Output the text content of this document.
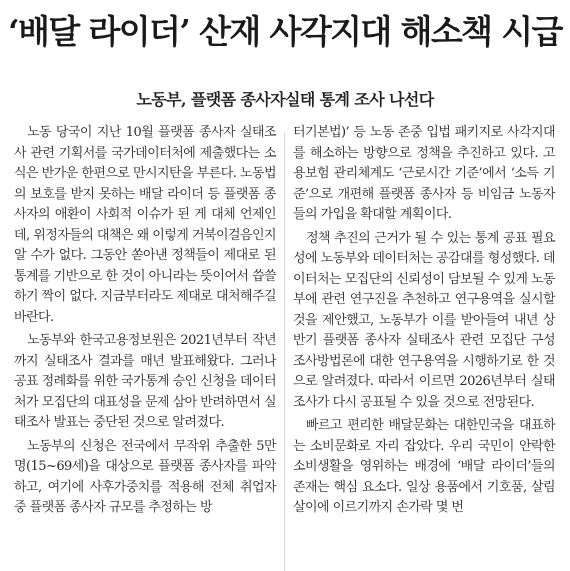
‘배달 라이더’ 산재 사각지대 해소책 시급
노동부, 플랫폼 종사자실태 통계 조사 나선다

노동 당국이 지난 10월 플랫폼 종사자 실태조사 관련 기획서를 국가데이터처에 제출했다는 소식은 반가운 한편으로 만시지탄을 부른다. 노동법의 보호를 받지 못하는 배달 라이더 등 플랫폼 종사자의 애환이 사회적 이슈가 된 게 대체 언제인데, 위정자들의 대책은 왜 이렇게 거북이걸음인지 알 수가 없다. 그동안 쏟아낸 정책들이 제대로 된 통계를 기반으로 한 것이 아니라는 뜻이어서 씁쓸하기 짝이 없다. 지금부터라도 제대로 대처해주길 바란다.

노동부와 한국고용정보원은 2021년부터 작년까지 실태조사 결과를 매년 발표해왔다. 그러나 공표 정례화를 위한 국가통계 승인 신청을 데이터처가 모집단의 대표성을 문제 삼아 반려하면서 실태조사 발표는 중단된 것으로 알려졌다.

노동부의 신청은 전국에서 무작위 추출한 5만 명(15~69세)을 대상으로 플랫폼 종사자를 파악하고, 여기에 사후가중치를 적용해 전체 취업자 중 플랫폼 종사자 규모를 추정하는 방

터기본법)’ 등 노동 존중 입법 패키지로 사각지대를 해소하는 방향으로 정책을 추진하고 있다. 고용보험 관리체계도 ‘근로시간 기준’에서 ‘소득 기준’으로 개편해 플랫폼 종사자 등 비임금 노동자들의 가입을 확대할 계획이다.

정책 추진의 근거가 될 수 있는 통계 공표 필요성에 노동부와 데이터처는 공감대를 형성했다. 데이터처는 모집단의 신뢰성이 담보될 수 있게 노동부에 관련 연구진을 추천하고 연구용역을 실시할 것을 제안했고, 노동부가 이를 받아들여 내년 상반기 플랫폼 종사자 실태조사 관련 모집단 구성 조사방법론에 대한 연구용역을 시행하기로 한 것으로 알려졌다. 따라서 이르면 2026년부터 실태조사가 다시 공표될 수 있을 것으로 전망된다.

빠르고 편리한 배달문화는 대한민국을 대표하는 소비문화로 자리 잡았다. 우리 국민이 안락한 소비생활을 영위하는 배경에 ‘배달 라이더’들의 존재는 핵심 요소다. 일상 용품에서 기호품, 살림살이에 이르기까지 손가락 몇 번
